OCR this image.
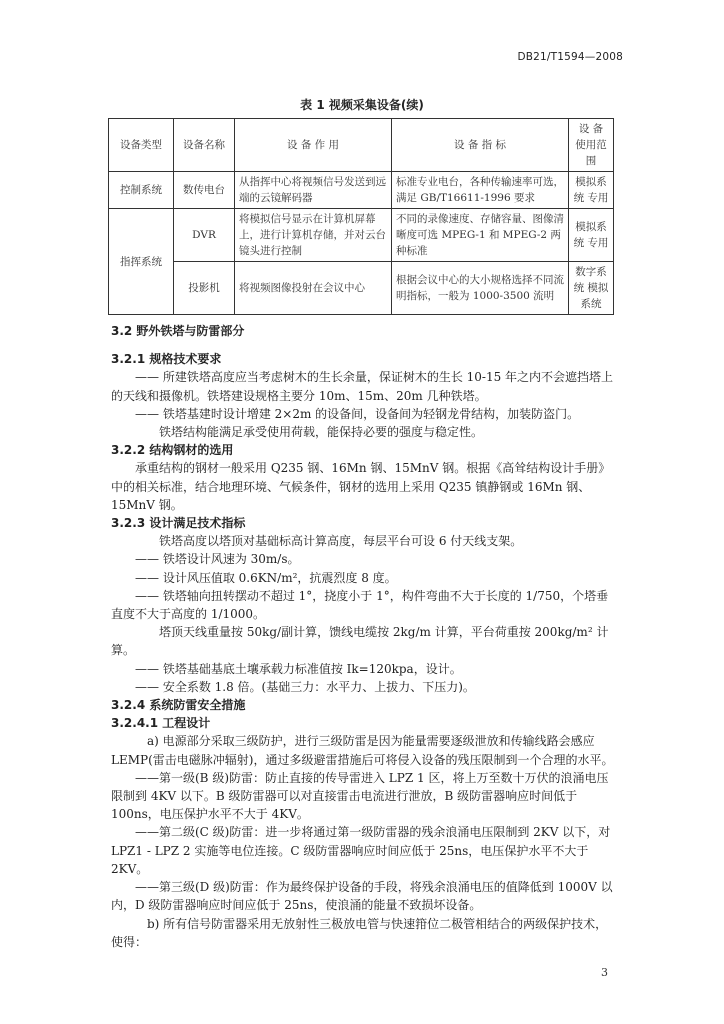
DB21/T1594—2008
表 1 视频采集设备(续)
设备类型	设备名称	设 备 作 用	设 备 指 标	设 备 使用范围
控制系统	数传电台	从指挥中心将视频信号发送到远端的云镜解码器	标准专业电台，各种传输速率可选，满足 GB/T16611-1996 要求	模拟系统 专用
指挥系统	DVR	将模拟信号显示在计算机屏幕上，进行计算机存储，并对云台镜头进行控制	不同的录像速度、存储容量、图像清晰度可选 MPEG-1 和 MPEG-2 两种标准	模拟系统 专用
	投影机	将视频图像投射在会议中心	根据会议中心的大小规格选择不同流明指标，一般为 1000-3500 流明	数字系统 模拟系统

3.2 野外铁塔与防雷部分

3.2.1 规格技术要求

—— 所建铁塔高度应当考虑树木的生长余量，保证树木的生长 10-15 年之内不会遮挡塔上的天线和摄像机。铁塔建设规格主要分 10m、15m、20m 几种铁塔。

—— 铁塔基建时设计增建 2×2m 的设备间，设备间为轻钢龙骨结构，加装防盗门。

铁塔结构能满足承受使用荷载，能保持必要的强度与稳定性。

3.2.2 结构钢材的选用

承重结构的钢材一般采用 Q235 钢、16Mn 钢、15MnV 钢。根据《高耸结构设计手册》中的相关标准，结合地理环境、气候条件，钢材的选用上采用 Q235 镇静钢或 16Mn 钢、15MnV 钢。

3.2.3 设计满足技术指标

铁塔高度以塔顶对基础标高计算高度，每层平台可设 6 付天线支架。

—— 铁塔设计风速为 30m/s。

—— 设计风压值取 0.6KN/m²，抗震烈度 8 度。

—— 铁塔轴向扭转摆动不超过 1°，挠度小于 1°，构件弯曲不大于长度的 1/750，个塔垂直度不大于高度的 1/1000。

塔顶天线重量按 50kg/副计算，馈线电缆按 2kg/m 计算，平台荷重按 200kg/m² 计算。

—— 铁塔基础基底土壤承载力标准值按 Ik=120kpa，设计。

—— 安全系数 1.8 倍。(基础三力：水平力、上拔力、下压力)。

3.2.4 系统防雷安全措施

3.2.4.1 工程设计

a) 电源部分采取三级防护，进行三级防雷是因为能量需要逐级泄放和传输线路会感应 LEMP(雷击电磁脉冲辐射)，通过多级避雷措施后可将侵入设备的残压限制到一个合理的水平。

——第一级(B 级)防雷：防止直接的传导雷进入 LPZ 1 区，将上万至数十万伏的浪涌电压限制到 4KV 以下。B 级防雷器可以对直接雷击电流进行泄放，B 级防雷器响应时间低于 100ns，电压保护水平不大于 4KV。

——第二级(C 级)防雷：进一步将通过第一级防雷器的残余浪涌电压限制到 2KV 以下，对 LPZ1 - LPZ 2 实施等电位连接。C 级防雷器响应时间应低于 25ns，电压保护水平不大于 2KV。

——第三级(D 级)防雷：作为最终保护设备的手段，将残余浪涌电压的值降低到 1000V 以内，D 级防雷器响应时间应低于 25ns，使浪涌的能量不致损坏设备。

b) 所有信号防雷器采用无放射性三极放电管与快速箝位二极管相结合的两级保护技术，使得：

3
